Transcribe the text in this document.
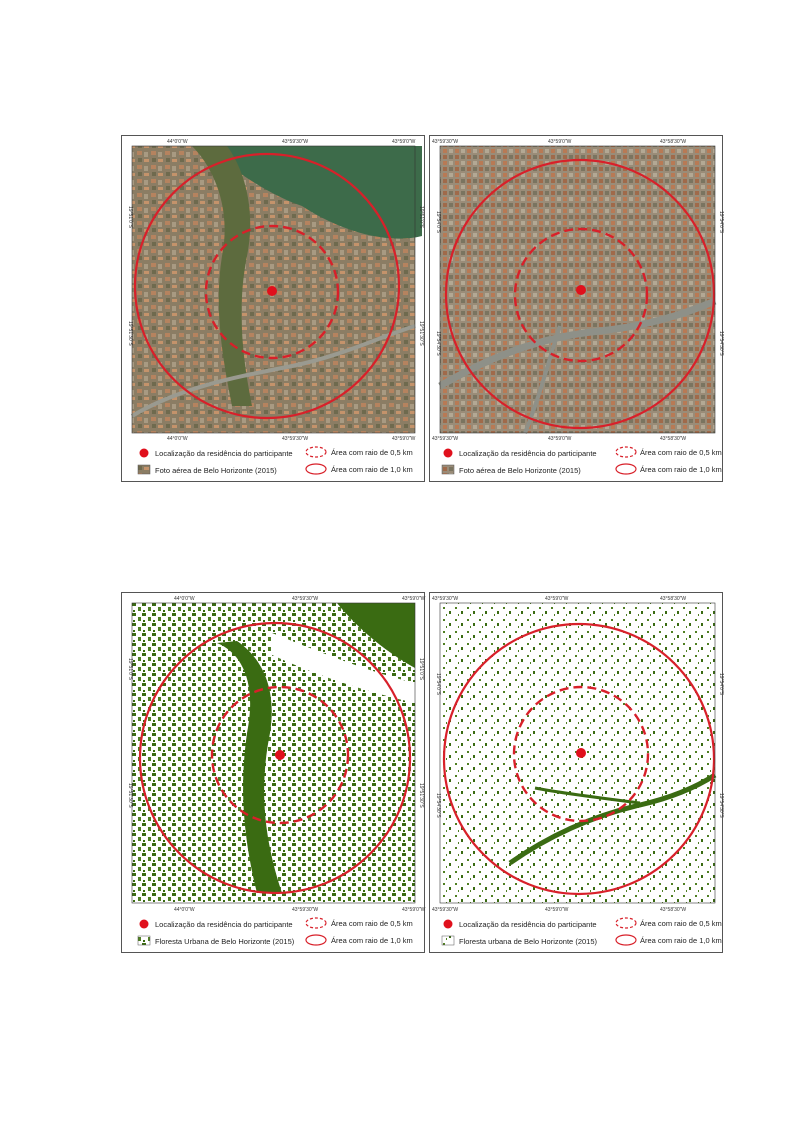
44°0'0"W	43°59'30"W	43°59'0"W
44°0'0"W	43°59'30"W	43°59'0"W
19°51'0"S
19°51'30"S
19°51'0"S
19°51'30"S
Localização da residência do participante
Foto aérea de Belo Horizonte (2015)
Área com raio de 0,5 km
Área com raio de 1,0 km
43°59'30"W	43°59'0"W	43°58'30"W
43°59'30"W	43°59'0"W	43°58'30"W
19°54'0"S
19°54'30"S
19°54'0"S
19°54'30"S
Localização da residência do participante
Foto aérea de Belo Horizonte (2015)
Área com raio de 0,5 km
Área com raio de 1,0 km
44°0'0"W	43°59'30"W	43°59'0"W
44°0'0"W	43°59'30"W	43°59'0"W
19°51'0"S
19°51'30"S
19°51'0"S
19°51'30"S
Localização da residência do participante
Floresta Urbana de Belo Horizonte (2015)
Área com raio de 0,5 km
Área com raio de 1,0 km
43°59'30"W	43°59'0"W	43°58'30"W
43°59'30"W	43°59'0"W	43°58'30"W
19°54'0"S
19°54'30"S
19°54'0"S
19°54'30"S
Localização da residência do participante
Floresta urbana de Belo Horizonte (2015)
Área com raio de 0,5 km
Área com raio de 1,0 km
